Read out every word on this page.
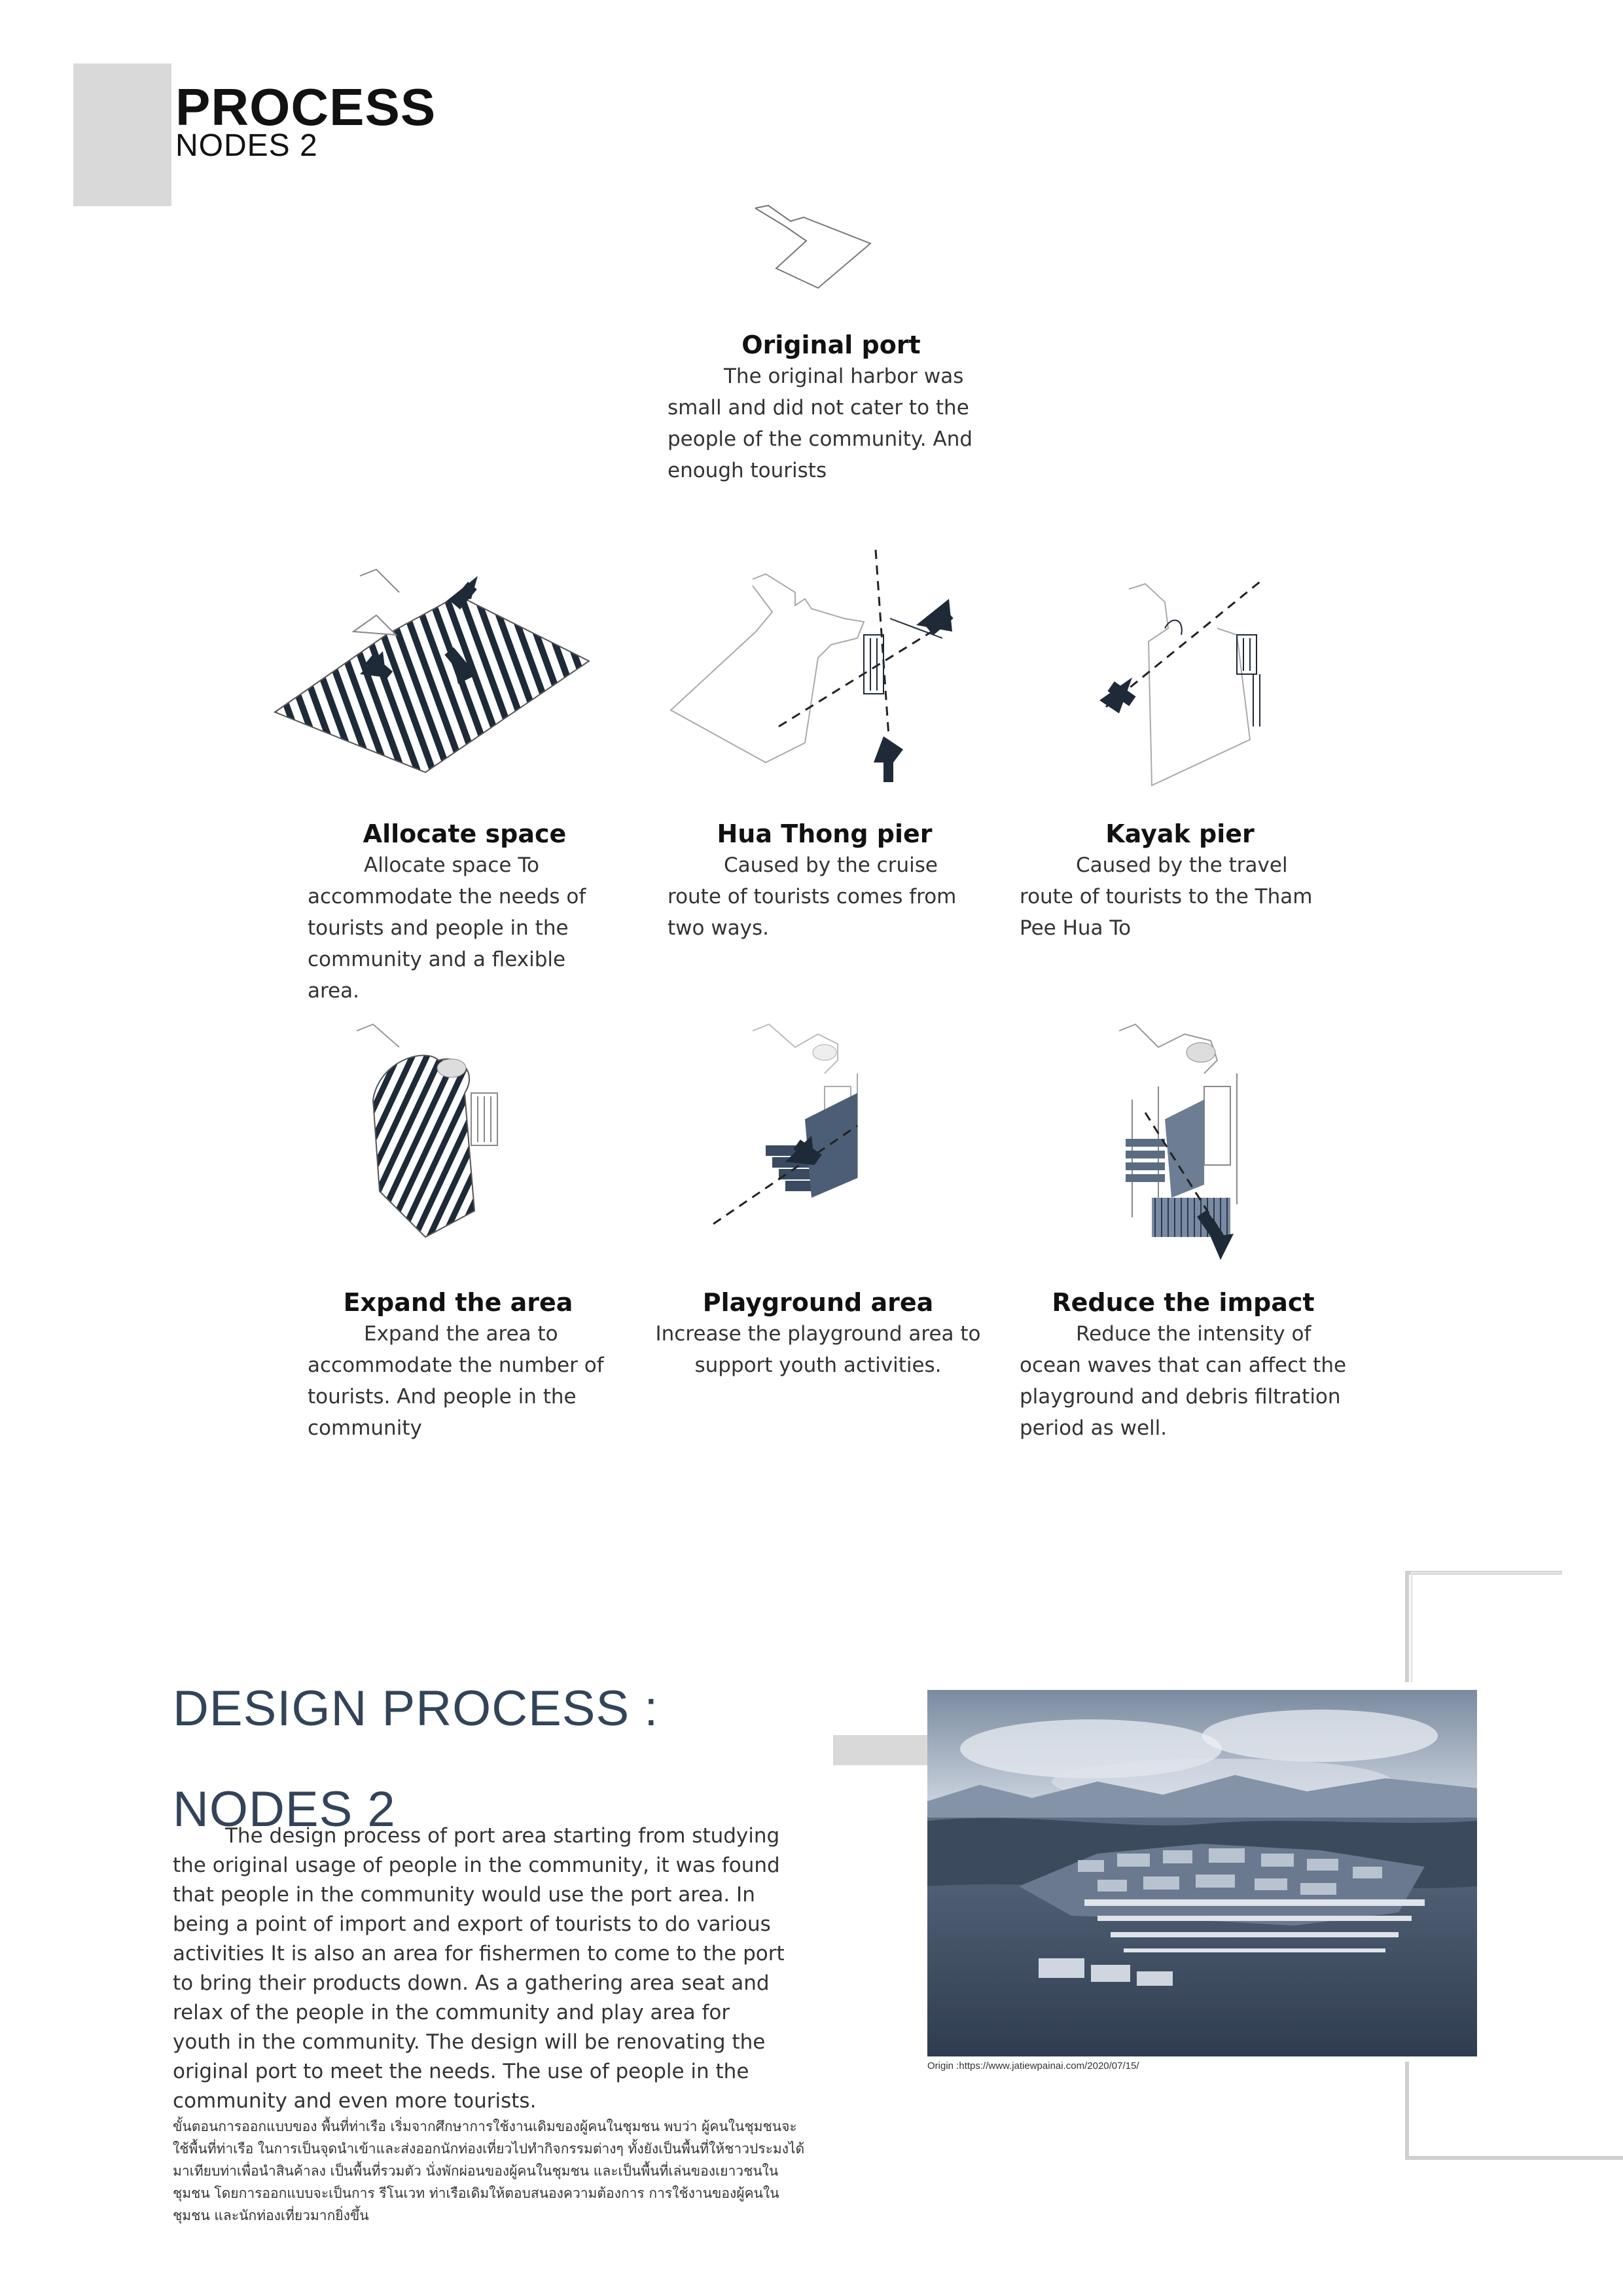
PROCESS
NODES 2
Original port

The original harbor was small and did not cater to the people of the community. And enough tourists

Allocate space

Allocate space To accommodate the needs of tourists and people in the community and a flexible area.

Hua Thong pier

Caused by the cruise route of tourists comes from two ways.

Kayak pier

Caused by the travel route of tourists to the Tham Pee Hua To

Expand the area

Expand the area to accommodate the number of tourists. And people in the community

Playground area

Increase the playground area to support youth activities.

Reduce the impact

Reduce the intensity of ocean waves that can affect the playground and debris filtration period as well.

DESIGN PROCESS :
NODES 2
The design process of port area starting from studying the original usage of people in the community, it was found that people in the community would use the port area. In being a point of import and export of tourists to do various activities It is also an area for fishermen to come to the port to bring their products down. As a gathering area seat and relax of the people in the community and play area for youth in the community. The design will be renovating the original port to meet the needs. The use of people in the community and even more tourists.
ขั้นตอนการออกแบบของ พื้นที่ท่าเรือ เริ่มจากศึกษาการใช้งานเดิมของผู้คนในชุมชน พบว่า ผู้คนในชุมชนจะใช้พื้นที่ท่าเรือ ในการเป็นจุดนำเข้าและส่งออกนักท่องเที่ยวไปทำกิจกรรมต่างๆ ทั้งยังเป็นพื้นที่ให้ชาวประมงได้มาเทียบท่าเพื่อนำสินค้าลง เป็นพื้นที่รวมตัว นั่งพักผ่อนของผู้คนในชุมชน และเป็นพื้นที่เล่นของเยาวชนในชุมชน โดยการออกแบบจะเป็นการ รีโนเวท ท่าเรือเดิมให้ตอบสนองความต้องการ การใช้งานของผู้คนในชุมชน และนักท่องเที่ยวมากยิ่งขึ้น
Origin :https://www.jatiewpainai.com/2020/07/15/
